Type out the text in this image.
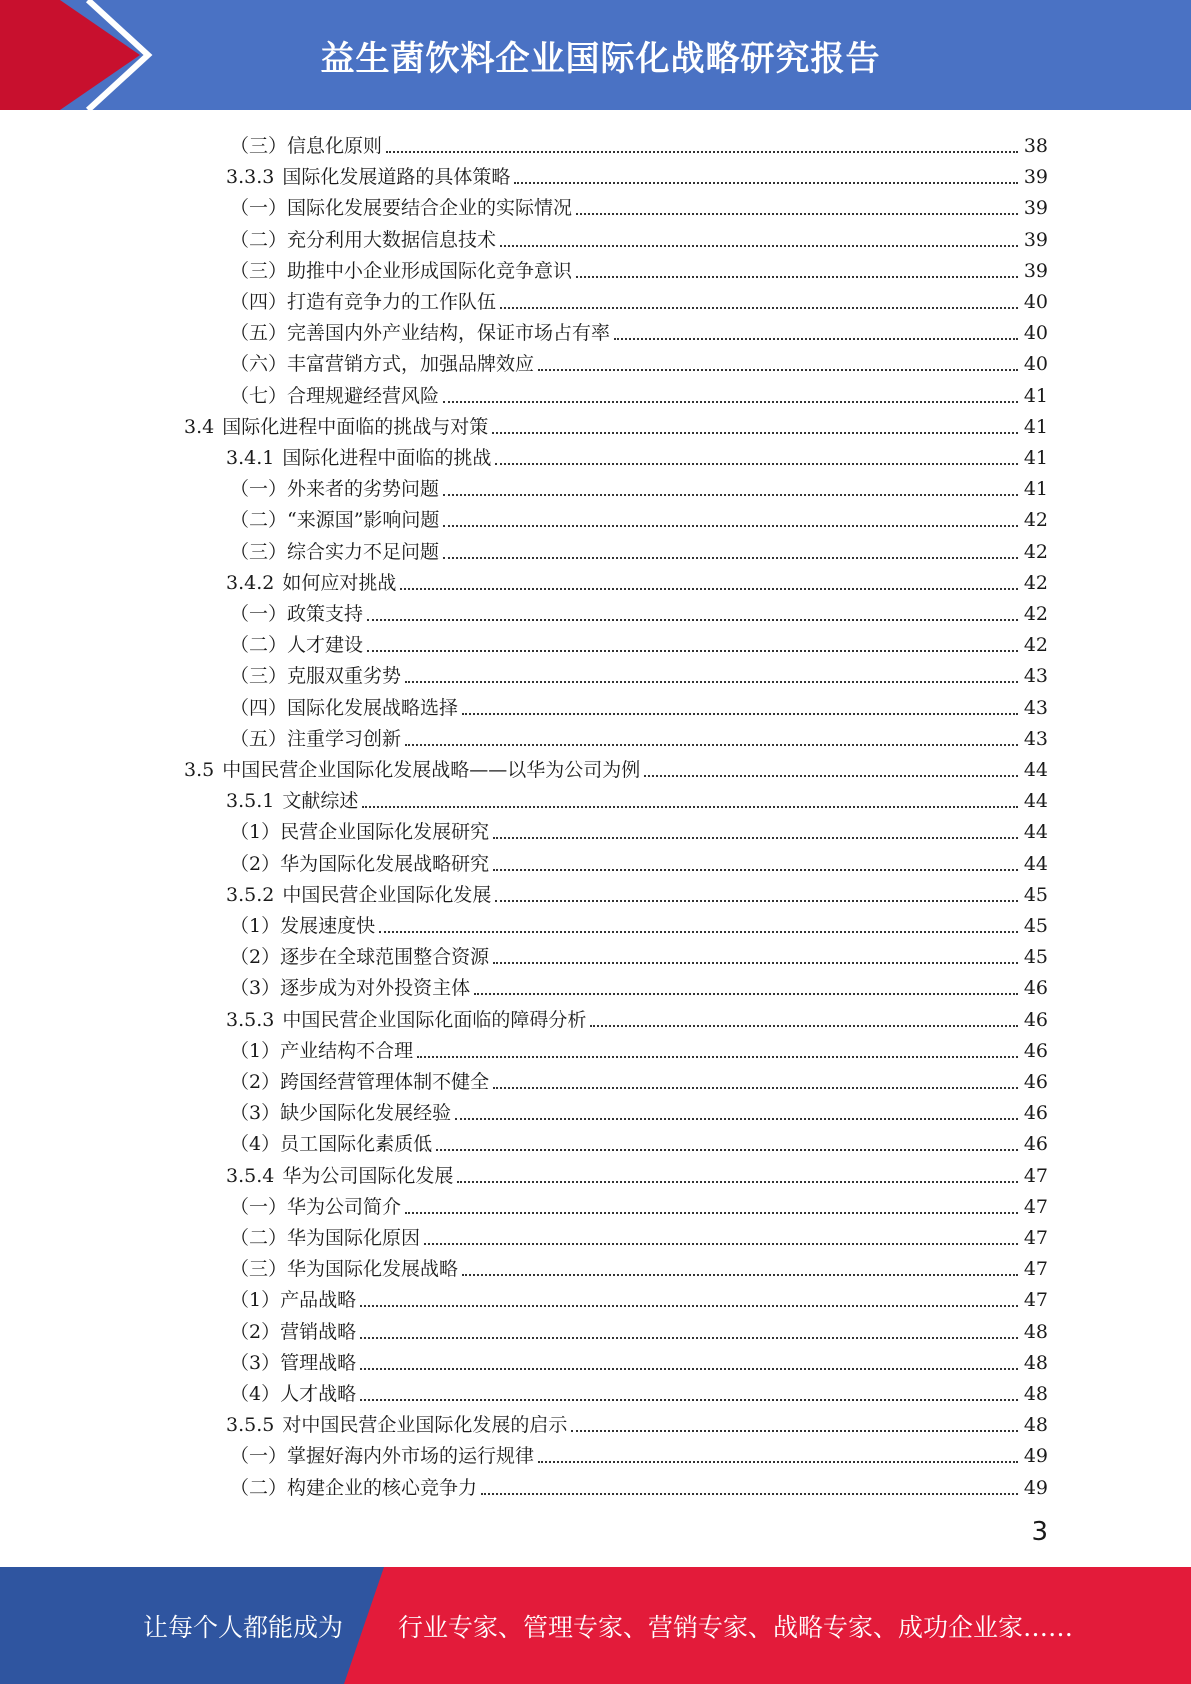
益生菌饮料企业国际化战略研究报告
（三）信息化原则	38
3.3.3 国际化发展道路的具体策略	39
（一）国际化发展要结合企业的实际情况	39
（二）充分利用大数据信息技术	39
（三）助推中小企业形成国际化竞争意识	39
（四）打造有竞争力的工作队伍	40
（五）完善国内外产业结构，保证市场占有率	40
（六）丰富营销方式，加强品牌效应	40
（七）合理规避经营风险	41
3.4 国际化进程中面临的挑战与对策	41
3.4.1 国际化进程中面临的挑战	41
（一）外来者的劣势问题	41
（二）“来源国”影响问题	42
（三）综合实力不足问题	42
3.4.2 如何应对挑战	42
（一）政策支持	42
（二）人才建设	42
（三）克服双重劣势	43
（四）国际化发展战略选择	43
（五）注重学习创新	43
3.5 中国民营企业国际化发展战略——以华为公司为例	44
3.5.1 文献综述	44
（1）民营企业国际化发展研究	44
（2）华为国际化发展战略研究	44
3.5.2 中国民营企业国际化发展	45
（1）发展速度快	45
（2）逐步在全球范围整合资源	45
（3）逐步成为对外投资主体	46
3.5.3 中国民营企业国际化面临的障碍分析	46
（1）产业结构不合理	46
（2）跨国经营管理体制不健全	46
（3）缺少国际化发展经验	46
（4）员工国际化素质低	46
3.5.4 华为公司国际化发展	47
（一）华为公司简介	47
（二）华为国际化原因	47
（三）华为国际化发展战略	47
（1）产品战略	47
（2）营销战略	48
（3）管理战略	48
（4）人才战略	48
3.5.5 对中国民营企业国际化发展的启示	48
（一）掌握好海内外市场的运行规律	49
（二）构建企业的核心竞争力	49
3
让每个人都能成为 行业专家、管理专家、营销专家、战略专家、成功企业家……
